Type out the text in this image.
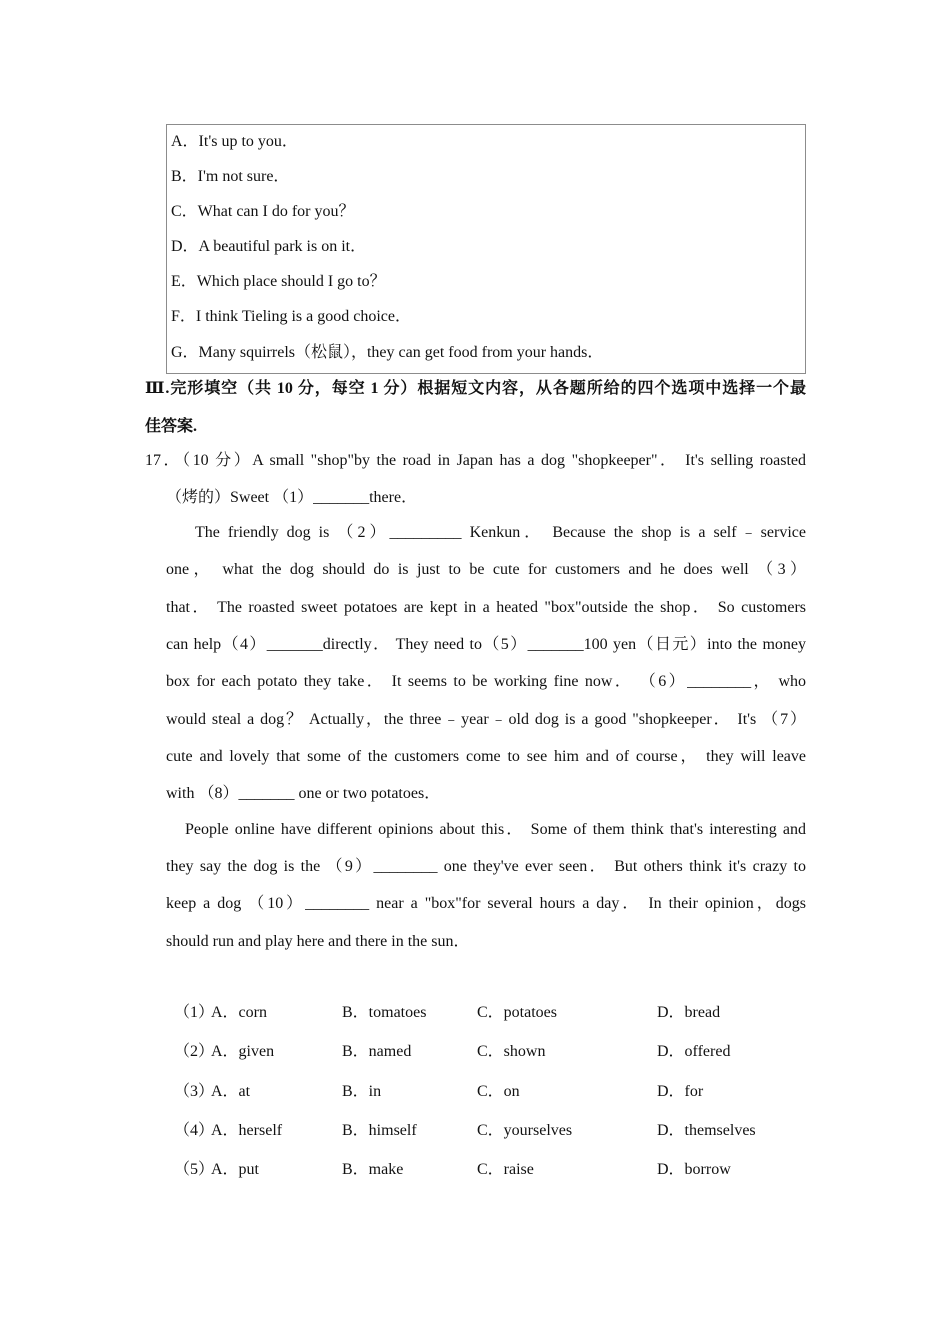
A．It's up to you．
B．I'm not sure．
C．What can I do for you？
D．A beautiful park is on it．
E．Which place should I go to？
F．I think Tieling is a good choice．
G．Many squirrels（松鼠），they can get food from your hands．
Ⅲ.完形填空（共 10 分，每空 1 分）根据短文内容，从各题所给的四个选项中选择一个最
佳答案.
17．（10 分）A small "shop"by the road in Japan has a dog "shopkeeper"． It's selling roasted
（烤的）Sweet （1）_______there．
The friendly dog is （2）_________ Kenkun． Because the shop is a self﹣service
one， what the dog should do is just to be cute for customers and he does well （3）
that． The roasted sweet potatoes are kept in a heated "box"outside the shop． So customers
can help（4）_______directly． They need to（5）_______100 yen（日元）into the money
box for each potato they take． It seems to be working fine now． （6）________， who
would steal a dog？ Actually，the three﹣year﹣old dog is a good "shopkeeper． It's （7）
cute and lovely that some of the customers come to see him and of course， they will leave
with （8）_______ one or two potatoes．
People online have different opinions about this． Some of them think that's interesting and
they say the dog is the （9）________ one they've ever seen． But others think it's crazy to
keep a dog （10）________ near a "box"for several hours a day． In their opinion，dogs
should run and play here and there in the sun．
（1）
A．corn	B．tomatoes	C．potatoes	D．bread
（2）
A．given	B．named	C．shown	D．offered
（3）
A．at	B．in	C．on	D．for
（4）
A．herself	B．himself	C．yourselves	D．themselves
（5）
A．put	B．make	C．raise	D．borrow
